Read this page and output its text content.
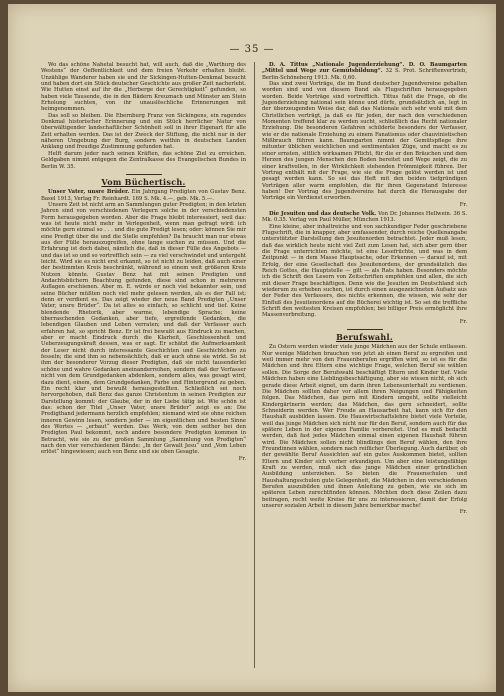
— 35 —

Wo das schöne Nahetal besucht hat, will auch, daß die „Warthurg des Westens“ der Oeffentlichkeit und dem freien Verkehr erhalten bleibt. Unzählige Wanderer haben sie und ihr Sickingen-Hutten-Denkmal besucht und haben dort ein Stück deutscher Geschichte aus großer Zeit nacherlebt. Wie Hutten einst auf ihr die „Herberge der Gerechtigkeit“ gefunden, so haben viele Tausende, die in den Bädern Kreuznach und Münster am Stein Erholung suchten, von ihr unauslöschliche Erinnerungen mit heimgenommen.

Das soll so bleiben. Die Ebernburg Franz von Sickingens, ein ragendes Denkmal historischer Erinnerung und ein Stück herrlicher Natur von überwältigender landschaftlicher Schönheit soll in ihrer Eigenart für alle Zeit erhalten werden. Das ist der Zweck der Stiftung, die nicht nur in der näheren Umgebung der Burg, sondern weithin in deutschen Landen Anklang und freudige Zustimmung gefunden hat.

Helft darum jeder nach seinen Kräften, das schöne Ziel zu erreichen. Geldgaben nimmt entgegen die Zentralkasse des Evangelischen Bundes in Berlin W. 35.

Vom Büchertisch.

Unser Vater, unsre Brüder. Ein Jahrgang Predigten von Gustav Benz. Basel 1913, Verlag Fr. Reinhardt. 169 S. Mk. 4.—, geb. Mk. 5.—.

Unsere Zeit ist nicht arm an Sammlungen guter Predigten; in den letzten Jahren sind von verschiedenen Verlegern solche in der verschiedensten Form herausgegeben worden. Aber die Frage bleibt interessiert, weil das: was ist heute nicht mehr in Verlegenheit, wenn man gefragt wird: ich möchte gern einmal so . . . und die gute Predigt lesen; oder: können Sie mir eine Predigt über die und die Stelle empfehlen? Da braucht man nur etwas aus der Fülle herauszugreifen, ohne lange suchen zu müssen. Und die Erfahrung ist doch dabei, nämlich die, daß in dieser Fülle des Angebots — und das ist so und so vortrefflich sein — zu viel verschwindet und untergeht leicht. Wird sie es nicht erst erkannt, so ist nicht zu leiden, daß auch einer der bestimmten Kreis beschränkt, während so einem weit größeren Kreis Nutzen könnte. Gustav Benz hat mit seinen Predigten und Andachtsbüchern Beachtung gefunden, diese sind schon in mehreren Auflagen erschienen. Aber m. E. würde er noch viel bekannter sein, und seine Bücher müßten noch viel mehr gelesen werden, als es der Fall ist; denn er verdient es. Das zeigt wieder der neue Band Predigten „Unser Vater, unsre Brüder“. Da ist alles so einfach, so schlicht und tief. Keine blendende Rhetorik, aber warme, lebendige Sprache; keine überraschenden Gedanken, aber tiefe, ergreifende Gedanken, die lebendigen Glauben und Leben verraten; und daß der Verfasser auch erfahren hat, so spricht Benz. Er ist frei bewußt aus Eindruck zu machen, aber er macht Eindruck durch die Klarheit, Geschlossenheit und Ueberzeugungskraft dessen, was er sagt. Er schätzt die Aufmerksamkeit der Leser nicht durch interessante Geschichten und Geschichtchen zu fesseln; die sind ihm so nebensächlich, daß er auch ohne sie wirkt. So ist ihm der besonderer Vorzug dieser Predigten, daß sie nicht tausenderlei schöne und wahre Gedanken aneinanderreihen, sondern daß der Verfasser nicht von dem Grundgedanken abdenken, sondern alles, was gesagt wird, dazu dient, einem, dem Grundgedanken, Farbe und Hintergrund zu geben. Ein recht klar und bewußt herausgestellten. Schließlich sei noch hervorgehoben, daß Benz das ganze Christentum in seinen Predigten zur Darstellung kommt: der Glaube, der in der Liebe tätig ist. Wie schön ist das: schon der Titel „Unser Vater, unsre Brüder“ zeigt es an: Die Predigthand jedermann herzlich empfehlen; niemand wird sie ohne reichen inneren Gewinn lesen, sondern jeder — im eigentlichen und besten Sinne des Wortes — „erbaut“ werden. Das Werk, von dem seither bei den Predigten Paul bekommt, noch andere besondere Predigten kommen in Betracht, wie sie zu der großen Sammlung „Sammlung von Predigten“ nach den vier verschiedenen Bände: „In der Gewalt Jesu“ und „Vom Leben erlöst“ hingewiesen; auch von Benz sind sie oben Gesagte.

Fr.

D. A. Tittus „Nationale Jugenderziehung“. D. O. Baumgarten „Mittel und Wege zur Gemütsbildung“. 32 S. Prot. Schriftenvertrieb, Berlin-Schöneberg 1913. Mk. 0,60.

Das sind zwei Vorträge, die im Bund deutscher Jugendvereine gehalten worden sind und von diesem Bund als Flugschriften herausgegeben worden. Beide Vorträge sind vortrefflich. Tittus faßt die Frage, ob die Jugenderziehung national sein könne und dürfe, grundsätzlich an, legt in der überzeugenden Weise dar, daß das Nationale sich sehr wohl mit dem Christlichen verträgt, ja daß es für jeden, der nach den verschiedenen Momenten treffend klar zu werden sucht, schließlich das Recht nationaler Erziehung. Die besonderen Gefahren schilderte besonders der Verfasser, wie er die nationale Erziehung zu einem Fanatismus oder chauvinistischen Mißbrauch führen kann. Baumgarten nimmt der Gemütspflege ihre mitunter üblichen weichlichen und sentimentalen Züge, und macht es zu einer ernsten, sittlich wirksamen Pflicht, für die er den Bräuchen und dem Herzen des jungen Menschen den Boden bereitet und Wege zeigt, die zu einer kraftvollen, in der Wirklichkeit stehenden Frömmigkeit führen. Der Vortrag enthält mit der Frage, wie sie die Frage gelöst werden ist und gesagt werden kann. So sei das Heft mit den beiden tiefgründigen Vorträgen aller warm empfohlen, die für ihren Gegenstand Interesse haben! Der Vortrag des Jugendvereins hat durch die Herausgabe der Vorträge ein Verdienst erworben.

Fr.

Die Jesuiten und das deutsche Volk. Von Dr. Johannes Hellwein. 36 S. Mk. 0.35. Verlag von Paul Müller, München 1913.

Eine kleine, aber inhaltreiche und von sachkundiger Feder geschriebene Flugschrift, die in knapper, aber umfassender, durch reiche Quellenangabe unterstützter Darstellung den Jesuitenorden betrachtet. Jeder muß lesen, daß das wirklich heute nicht viel Zeit zum Lesen hat, sich aber gern über die Frage unterrichten möchte, ist eine Lesefrüchte, und was in dem Zeitpunkt — in dem Masse Hauptsache, oder Erkennen — darauf ist, mit Erfolg, der eine Gesellschaft des Jesuitenordens, der grundsätzlich das Reich Gottes, die Hauptstelle — gilt — als Rats haben. Besonders möchte ich die Schrift den Lesern von Zeitschriften empfehlen und allen, die sich mit dieser Frage beschäftigen. Denn wie die Jesuiten im Deutschland sich wiederum zu erheben suchen, ist durch einen ausgezeichneten Aufsatz aus der Feder des Verfassers, des nichts erkennen, die wissen, wie sehr der Einfluß des Jesuitenordens auf die Bücherei wichtig ist. So sei die treffliche Schrift den weitesten Kreisen empfohlen; bei billiger Preis ermöglicht ihre Massenverbreitung.

Fr.

Berufswahl.

Zu Ostern werden wieder viele junge Mädchen aus der Schule entlassen. Nur wenige Mädchen brauchen von jetzt ab einen Beruf zu ergreifen und weil immer mehr von den Frauenberufen ergriffen wird, so ist es für die Mädchen und ihre Eltern eine wichtige Frage, welchen Beruf sie wählen sollen. Die Sorge der Berufswahl beschäftigt Eltern und Kinder tief. Viele Mädchen haben eine Lieblingsbeschäftigung, aber sie wissen nicht, ob sich gerade diese Arbeit eignet, um darin ihren Lebensunterhalt zu verdienen. Die Mädchen sollten daher vor allem ihren Neigungen und Fähigkeiten folgen. Das Mädchen, das gern mit Kindern umgeht, sollte vielleicht Kindergärtnerin werden; das Mädchen, das gern schneidert, sollte Schneiderin werden. Wer Freude an Hausarbeit hat, kann sich für den Haushalt ausbilden lassen. Die Hauswirtschaftslehre bietet viele Vorteile, weil das junge Mädchen sich nicht nur für den Beruf, sondern auch für das spätere Leben in der eigenen Familie vorbereitet. Und es muß bedacht werden, daß fast jedes Mädchen einmal einen eigenen Haushalt führen wird. Die Mädchen sollen nicht blindlings den Beruf wählen, den ihre Freundinnen wählen, sondern nach reiflicher Überlegung. Auch darüber, ob der gewählte Beruf Aussichten auf ein gutes Auskommen bietet, sollten Eltern und Kinder sich vorher erkundigen. Um aber eine leistungsfähige Kraft zu werden, muß sich das junge Mädchen einer gründlichen Ausbildung unterziehen. So bieten die Frauenschulen und Haushaltungsschulen gute Gelegenheit, die Mädchen in den verschiedenen Berufen auszubilden und ihnen Anleitung zu geben, wie sie sich im späteren Leben zurechtfinden können. Möchten doch diese Zeilen dazu beitragen, recht weite Kreise für uns zu interessieren, damit der Erfolg unserer sozialen Arbeit in diesem Jahre bemerkbar mache!

Fr.
